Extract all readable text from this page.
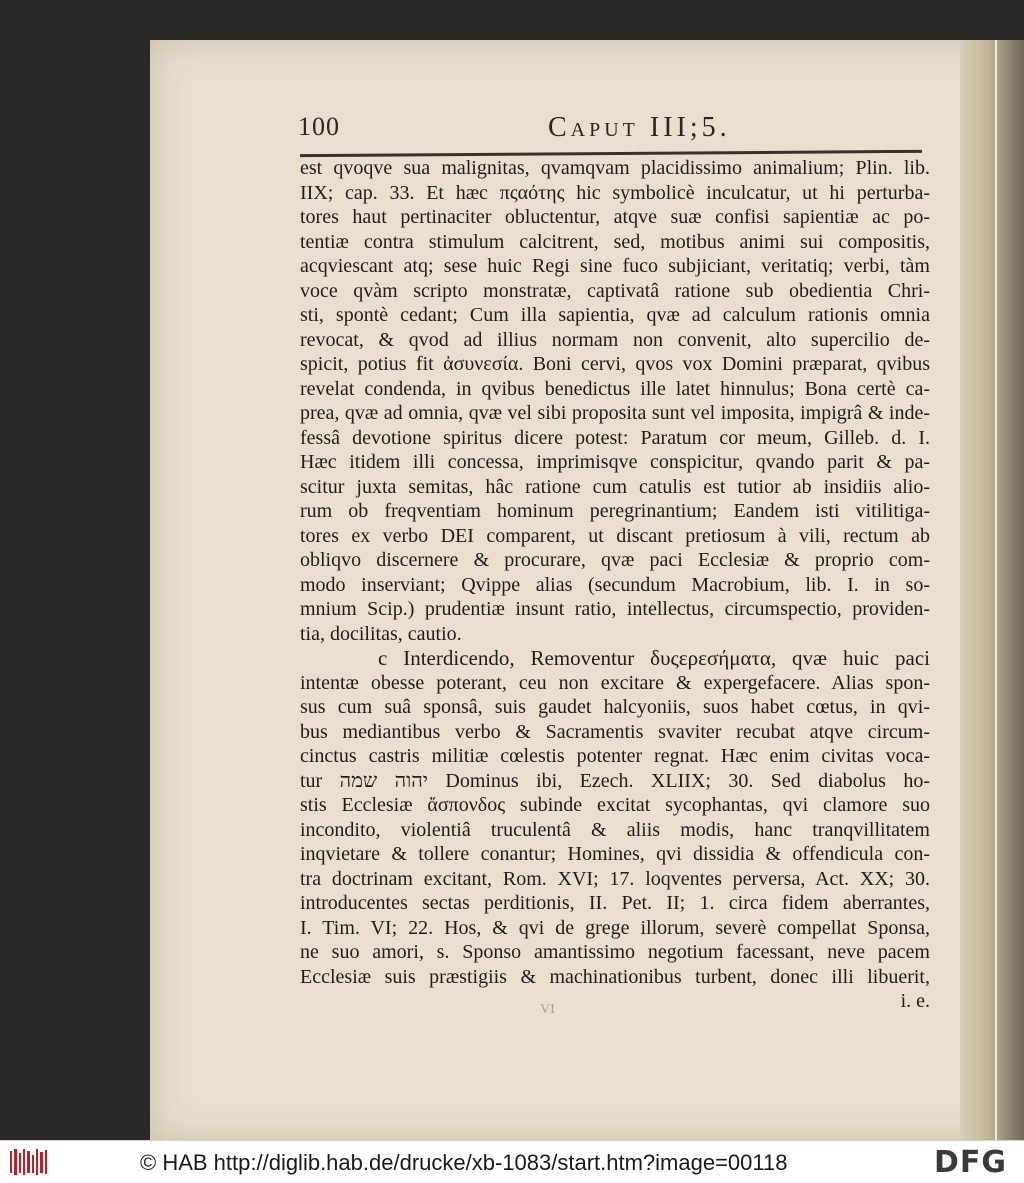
100	Caput III;5.
est qvoqve sua malignitas, qvamqvam placidissimo animalium; Plin. lib.
IIX; cap. 33. Et hæc πςαότης hic symbolicè inculcatur, ut hi perturba-
tores haut pertinaciter obluctentur, atqve suæ confisi sapientiæ ac po-
tentiæ contra stimulum calcitrent, sed, motibus animi sui compositis,
acqviescant atq; sese huic Regi sine fuco subjiciant, veritatiq; verbi, tàm
voce qvàm scripto monstratæ, captivatâ ratione sub obedientia Chri-
sti, spontè cedant; Cum illa sapientia, qvæ ad calculum rationis omnia
revocat, & qvod ad illius normam non convenit, alto supercilio de-
spicit, potius fit ἀσυνεσία. Boni cervi, qvos vox Domini præparat, qvibus
revelat condenda, in qvibus benedictus ille latet hinnulus; Bona certè ca-
prea, qvæ ad omnia, qvæ vel sibi proposita sunt vel imposita, impigrâ & inde-
fessâ devotione spiritus dicere potest: Paratum cor meum, Gilleb. d. I.
Hæc itidem illi concessa, imprimisqve conspicitur, qvando parit & pa-
scitur juxta semitas, hâc ratione cum catulis est tutior ab insidiis alio-
rum ob freqventiam hominum peregrinantium; Eandem isti vitilitiga-
tores ex verbo DEI comparent, ut discant pretiosum à vili, rectum ab
obliqvo discernere & procurare, qvæ paci Ecclesiæ & proprio com-
modo inserviant; Qvippe alias (secundum Macrobium, lib. I. in so-
mnium Scip.) prudentiæ insunt ratio, intellectus, circumspectio, providen-
tia, docilitas, cautio.
c Interdicendo, Removentur δυςερεσήματα, qvæ huic paci
intentæ obesse poterant, ceu non excitare & expergefacere. Alias spon-
sus cum suâ sponsâ, suis gaudet halcyoniis, suos habet cœtus, in qvi-
bus mediantibus verbo & Sacramentis svaviter recubat atqve circum-
cinctus castris militiæ cœlestis potenter regnat. Hæc enim civitas voca-
tur יהוה שמה Dominus ibi, Ezech. XLIIX; 30. Sed diabolus ho-
stis Ecclesiæ ἄσπονδος subinde excitat sycophantas, qvi clamore suo
incondito, violentiâ truculentâ & aliis modis, hanc tranqvillitatem
inqvietare & tollere conantur; Homines, qvi dissidia & offendicula con-
tra doctrinam excitant, Rom. XVI; 17. loqventes perversa, Act. XX; 30.
introducentes sectas perditionis, II. Pet. II; 1. circa fidem aberrantes,
I. Tim. VI; 22. Hos, & qvi de grege illorum, severè compellat Sponsa,
ne suo amori, s. Sponso amantissimo negotium facessant, neve pacem
Ecclesiæ suis præstigiis & machinationibus turbent, donec illi libuerit,
i. e.
VI
© HAB http://diglib.hab.de/drucke/xb-1083/start.htm?image=00118	DFG
